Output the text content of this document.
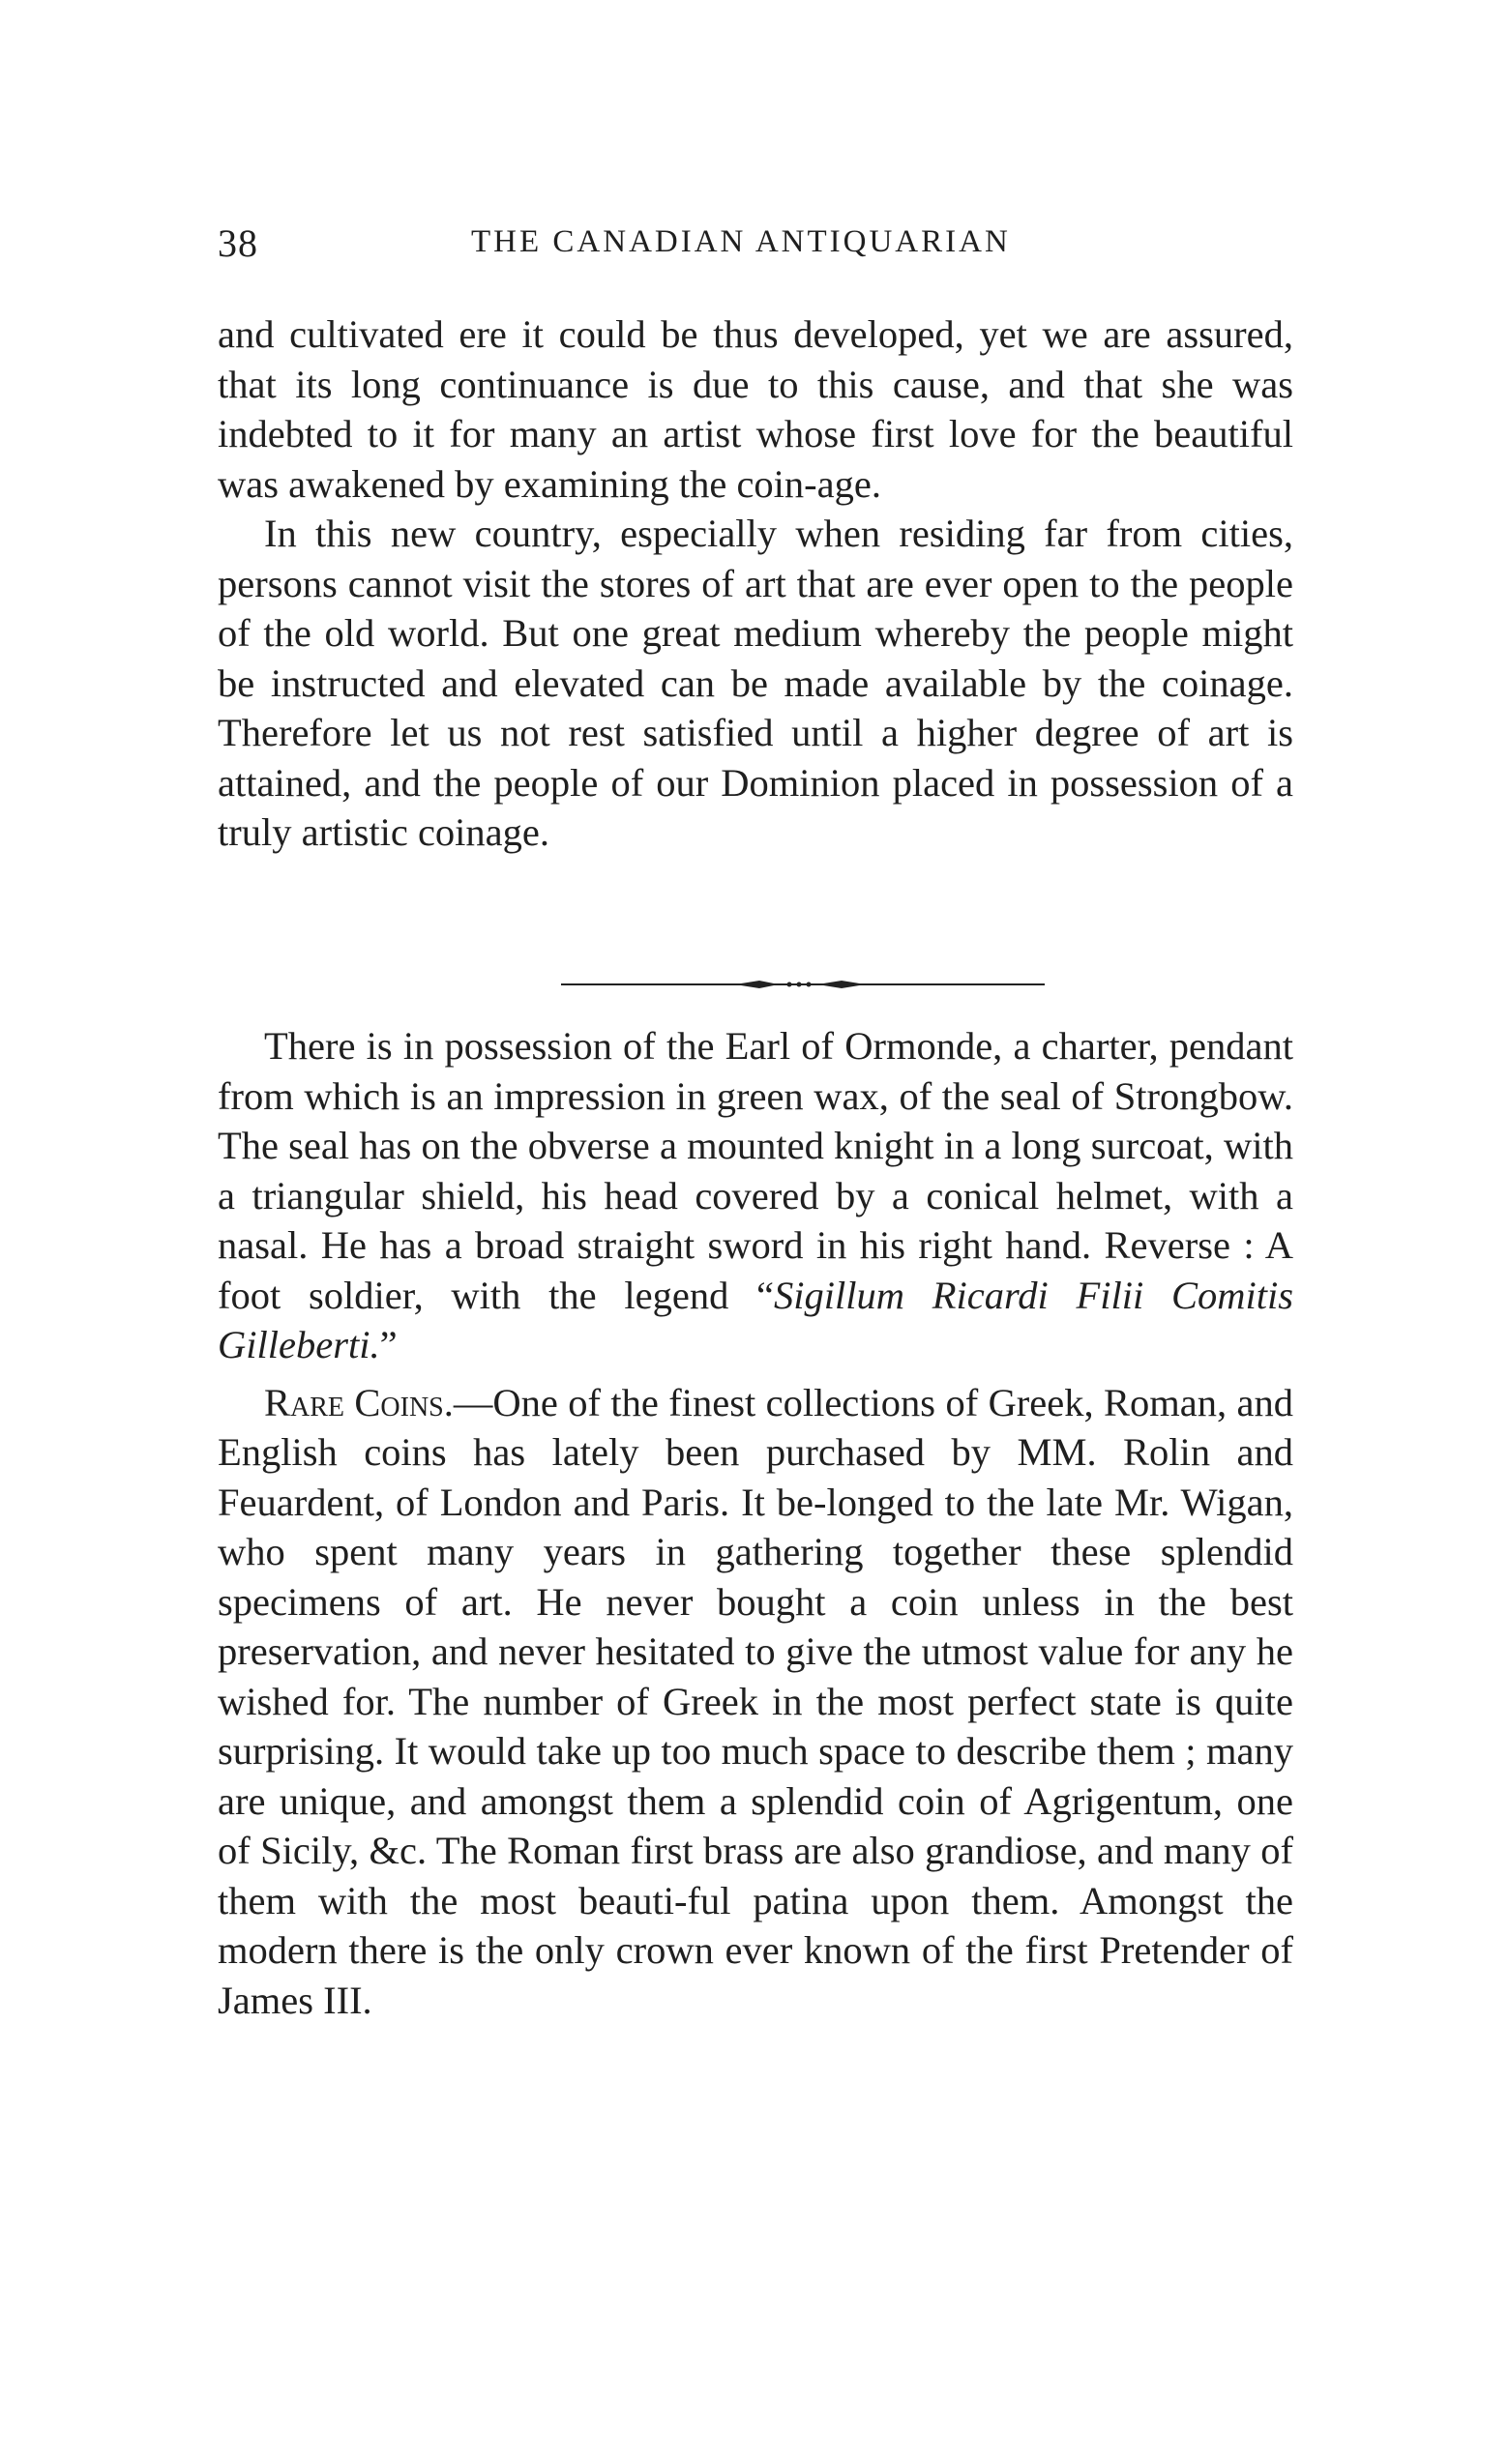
38	THE CANADIAN ANTIQUARIAN

and cultivated ere it could be thus developed, yet we are assured, that its long continuance is due to this cause, and that she was indebted to it for many an artist whose first love for the beautiful was awakened by examining the coin-age.

In this new country, especially when residing far from cities, persons cannot visit the stores of art that are ever open to the people of the old world. But one great medium whereby the people might be instructed and elevated can be made available by the coinage. Therefore let us not rest satisfied until a higher degree of art is attained, and the people of our Dominion placed in possession of a truly artistic coinage.

There is in possession of the Earl of Ormonde, a charter, pendant from which is an impression in green wax, of the seal of Strongbow. The seal has on the obverse a mounted knight in a long surcoat, with a triangular shield, his head covered by a conical helmet, with a nasal. He has a broad straight sword in his right hand. Reverse : A foot soldier, with the legend “Sigillum Ricardi Filii Comitis Gilleberti.”

Rare Coins.—One of the finest collections of Greek, Roman, and English coins has lately been purchased by MM. Rolin and Feuardent, of London and Paris. It be-longed to the late Mr. Wigan, who spent many years in gathering together these splendid specimens of art. He never bought a coin unless in the best preservation, and never hesitated to give the utmost value for any he wished for. The number of Greek in the most perfect state is quite surprising. It would take up too much space to describe them ; many are unique, and amongst them a splendid coin of Agrigentum, one of Sicily, &c. The Roman first brass are also grandiose, and many of them with the most beauti-ful patina upon them. Amongst the modern there is the only crown ever known of the first Pretender of James III.
